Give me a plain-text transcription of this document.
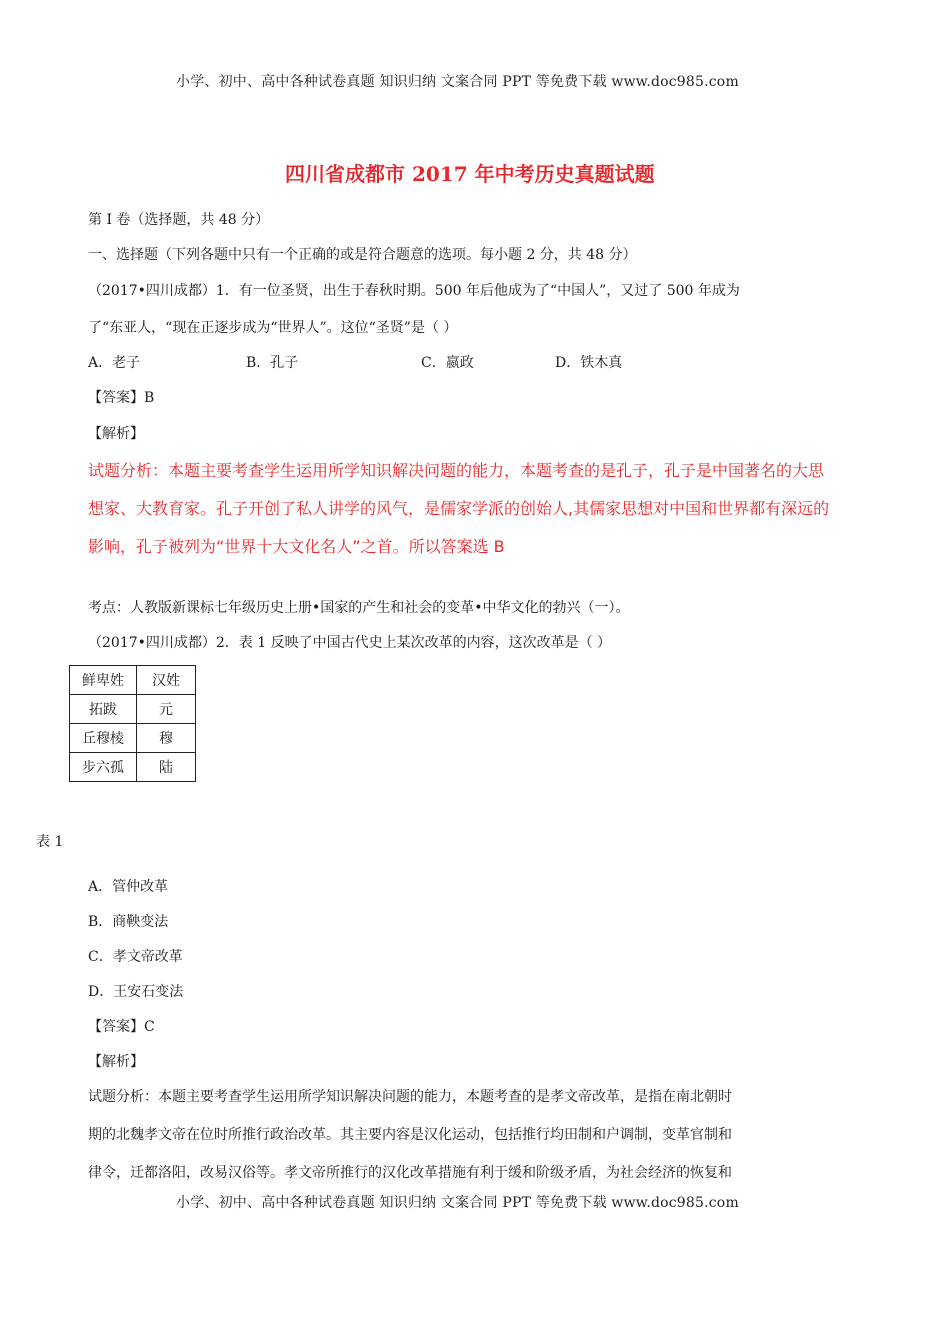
小学、初中、高中各种试卷真题 知识归纳 文案合同 PPT 等免费下载 www.doc985.com
四川省成都市 2017 年中考历史真题试题
第 I 卷（选择题，共 48 分）
一、选择题（下列各题中只有一个正确的或是符合题意的选项。每小题 2 分，共 48 分）
（2017•四川成都）1．有一位圣贤，出生于春秋时期。500 年后他成为了“中国人”，又过了 500 年成为
了“东亚人，“现在正逐步成为“世界人”。这位“圣贤”是（ ）
A．老子	B．孔子	C．嬴政	D．铁木真
【答案】B
【解析】
试题分析：本题主要考查学生运用所学知识解决问题的能力，本题考查的是孔子，孔子是中国著名的大思
想家、大教育家。孔子开创了私人讲学的风气，是儒家学派的创始人,其儒家思想对中国和世界都有深远的
影响，孔子被列为“世界十大文化名人”之首。所以答案选 B
考点：人教版新课标七年级历史上册•国家的产生和社会的变革•中华文化的勃兴（一）。
（2017•四川成都）2．表 1 反映了中国古代史上某次改革的内容，这次改革是（ ）
鲜卑姓	汉姓
拓跋	元
丘穆棱	穆
步六孤	陆
表 1
A．管仲改革
B．商鞅变法
C．孝文帝改革
D．王安石变法
【答案】C
【解析】
试题分析：本题主要考查学生运用所学知识解决问题的能力，本题考查的是孝文帝改革，是指在南北朝时
期的北魏孝文帝在位时所推行政治改革。其主要内容是汉化运动，包括推行均田制和户调制，变革官制和
律令，迁都洛阳，改易汉俗等。孝文帝所推行的汉化改革措施有利于缓和阶级矛盾，为社会经济的恢复和
小学、初中、高中各种试卷真题 知识归纳 文案合同 PPT 等免费下载 www.doc985.com
